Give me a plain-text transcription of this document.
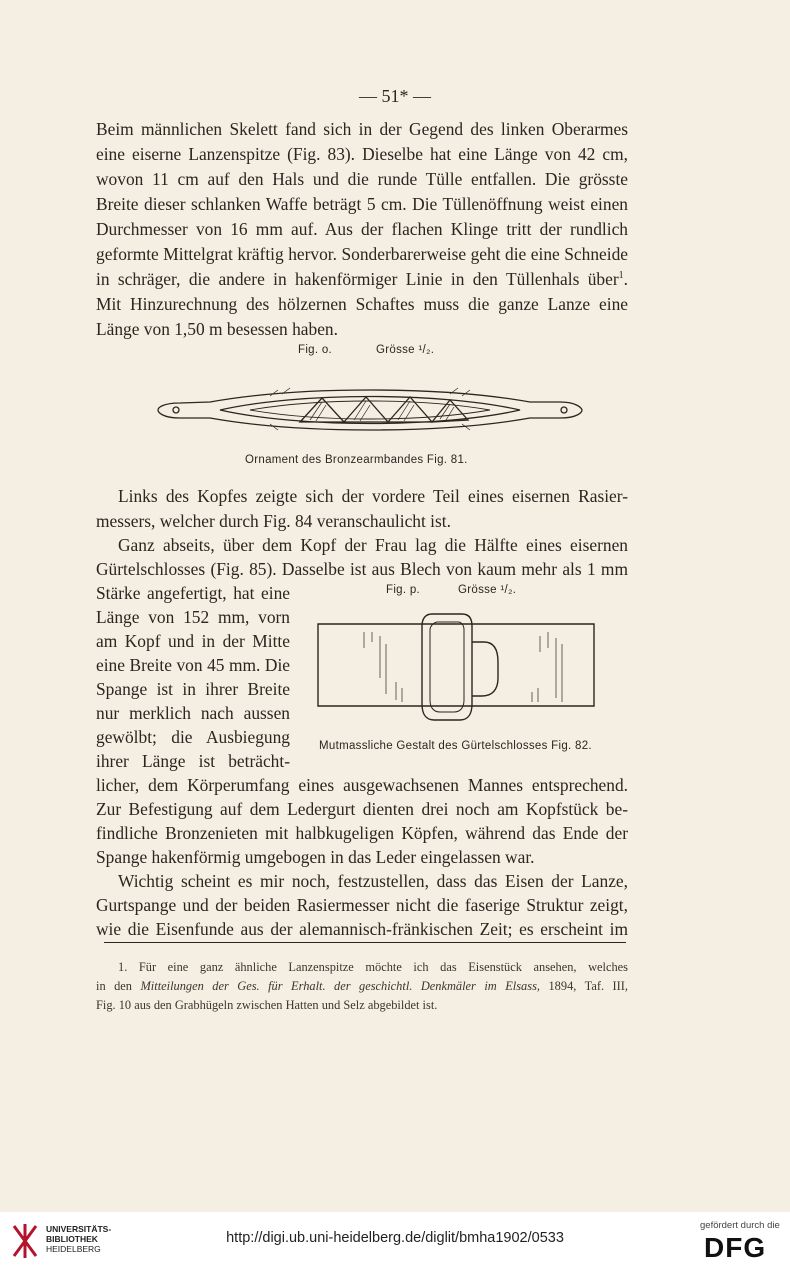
— 51* —
Beim männlichen Skelett fand sich in der Gegend des linken Oberarmes
eine eiserne Lanzenspitze (Fig. 83). Dieselbe hat eine Länge von 42 cm,
wovon 11 cm auf den Hals und die runde Tülle entfallen. Die grösste
Breite dieser schlanken Waffe beträgt 5 cm. Die Tüllenöffnung weist einen
Durchmesser von 16 mm auf. Aus der flachen Klinge tritt der rundlich
geformte Mittelgrat kräftig hervor. Sonderbarerweise geht die eine Schneide
in schräger, die andere in hakenförmiger Linie in den Tüllenhals über$^1$.
Mit Hinzurechnung des hölzernen Schaftes muss die ganze Lanze eine
Länge von 1,50 m besessen haben.
Fig. o.	Grösse ¹/₂.
Ornament des Bronzearmbandes Fig. 81.
Links des Kopfes zeigte sich der vordere Teil eines eisernen Rasier-
messers, welcher durch Fig. 84 veranschaulicht ist.
Ganz abseits, über dem Kopf der Frau lag die Hälfte eines eisernen
Gürtelschlosses (Fig. 85). Dasselbe ist aus Blech von kaum mehr als 1 mm
Stärke angefertigt, hat eine
Länge von 152 mm, vorn
am Kopf und in der Mitte
eine Breite von 45 mm. Die
Spange ist in ihrer Breite
nur merklich nach aussen
gewölbt; die Ausbiegung
ihrer Länge ist beträcht-
Fig. p.	Grösse ¹/₂.
Mutmassliche Gestalt des Gürtelschlosses Fig. 82.
licher, dem Körperumfang eines ausgewachsenen Mannes entsprechend.
Zur Befestigung auf dem Ledergurt dienten drei noch am Kopfstück be-
findliche Bronzenieten mit halbkugeligen Köpfen, während das Ende der
Spange hakenförmig umgebogen in das Leder eingelassen war.
Wichtig scheint es mir noch, festzustellen, dass das Eisen der Lanze,
Gurtspange und der beiden Rasiermesser nicht die faserige Struktur zeigt,
wie die Eisenfunde aus der alemannisch-fränkischen Zeit; es erscheint im
1. Für eine ganz ähnliche Lanzenspitze möchte ich das Eisenstück ansehen, welches
in den Mitteilungen der Ges. für Erhalt. der geschichtl. Denkmäler im Elsass, 1894, Taf. III,
Fig. 10 aus den Grabhügeln zwischen Hatten und Selz abgebildet ist.
UNIVERSITÄTS-
BIBLIOTHEK
HEIDELBERG
http://digi.ub.uni-heidelberg.de/diglit/bmha1902/0533
gefördert durch die
DFG
